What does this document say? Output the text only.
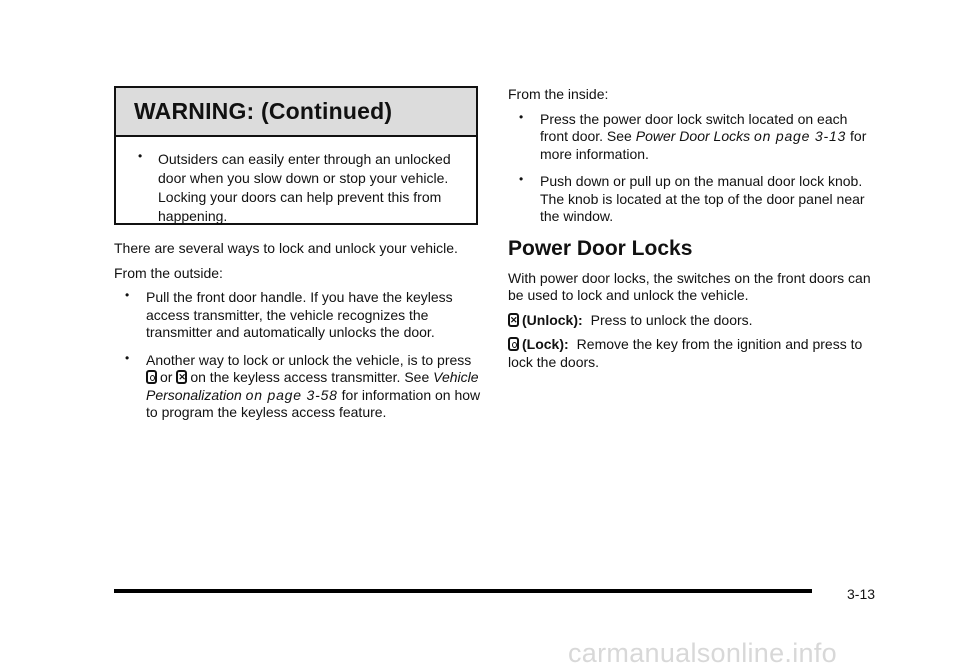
WARNING: (Continued)
• Outsiders can easily enter through an unlocked door when you slow down or stop your vehicle. Locking your doors can help prevent this from happening.

There are several ways to lock and unlock your vehicle.

From the outside:

• Pull the front door handle. If you have the keyless access transmitter, the vehicle recognizes the transmitter and automatically unlocks the door.
• Another way to lock or unlock the vehicle, is to press or ✕ on the keyless access transmitter. See Vehicle Personalization on page 3-58 for information on how to program the keyless access feature.

From the inside:

• Press the power door lock switch located on each front door. See Power Door Locks on page 3-13 for more information.
• Push down or pull up on the manual door lock knob. The knob is located at the top of the door panel near the window.
Power Door Locks

With power door locks, the switches on the front doors can be used to lock and unlock the vehicle.

✕(Unlock): Press to unlock the doors.

(Lock): Remove the key from the ignition and press to lock the doors.

3-13
carmanualsonline.info
